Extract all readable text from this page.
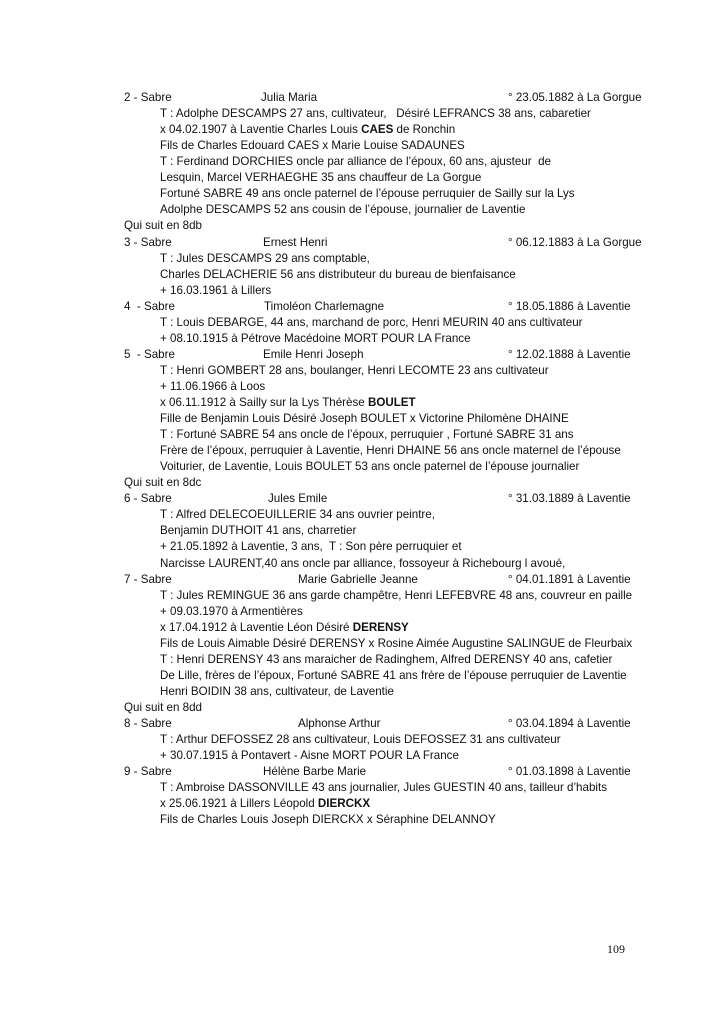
2 - Sabre	Julia Maria	° 23.05.1882 à La Gorgue
T : Adolphe DESCAMPS 27 ans, cultivateur,   Désiré LEFRANCS 38 ans, cabaretier
x 04.02.1907 à Laventie Charles Louis CAES de Ronchin
Fils de Charles Edouard CAES x Marie Louise SADAUNES
T : Ferdinand DORCHIES oncle par alliance de l’époux, 60 ans, ajusteur  de
Lesquin, Marcel VERHAEGHE 35 ans chauffeur de La Gorgue
Fortuné SABRE 49 ans oncle paternel de l’épouse perruquier de Sailly sur la Lys
Adolphe DESCAMPS 52 ans cousin de l’épouse, journalier de Laventie
Qui suit en 8db
3 - Sabre	Ernest Henri	° 06.12.1883 à La Gorgue
T : Jules DESCAMPS 29 ans comptable,
Charles DELACHERIE 56 ans distributeur du bureau de bienfaisance
+ 16.03.1961 à Lillers
4  - Sabre	Timoléon Charlemagne	° 18.05.1886 à Laventie
T : Louis DEBARGE, 44 ans, marchand de porc, Henri MEURIN 40 ans cultivateur
+ 08.10.1915 à Pétrove Macédoine MORT POUR LA France
5  - Sabre	Emile Henri Joseph	° 12.02.1888 à Laventie
T : Henri GOMBERT 28 ans, boulanger, Henri LECOMTE 23 ans cultivateur
+ 11.06.1966 à Loos
x 06.11.1912 à Sailly sur la Lys Thérèse BOULET
Fille de Benjamin Louis Désiré Joseph BOULET x Victorine Philomène DHAINE
T : Fortuné SABRE 54 ans oncle de l’époux, perruquier , Fortuné SABRE 31 ans
Frère de l’époux, perruquier à Laventie, Henri DHAINE 56 ans oncle maternel de l’épouse
Voiturier, de Laventie, Louis BOULET 53 ans oncle paternel de l’épouse journalier
Qui suit en 8dc
6 - Sabre	Jules Emile	° 31.03.1889 à Laventie
T : Alfred DELECOEUILLERIE 34 ans ouvrier peintre,
Benjamin DUTHOIT 41 ans, charretier
+ 21.05.1892 à Laventie, 3 ans,  T : Son père perruquier et
Narcisse LAURENT,40 ans oncle par alliance, fossoyeur à Richebourg l avoué,
7 - Sabre	Marie Gabrielle Jeanne	° 04.01.1891 à Laventie
T : Jules REMINGUE 36 ans garde champêtre, Henri LEFEBVRE 48 ans, couvreur en paille
+ 09.03.1970 à Armentières
x 17.04.1912 à Laventie Léon Désiré DERENSY
Fils de Louis Aimable Désiré DERENSY x Rosine Aimée Augustine SALINGUE de Fleurbaix
T : Henri DERENSY 43 ans maraicher de Radinghem, Alfred DERENSY 40 ans, cafetier
De Lille, frères de l’époux, Fortuné SABRE 41 ans frère de l’épouse perruquier de Laventie
Henri BOIDIN 38 ans, cultivateur, de Laventie
Qui suit en 8dd
8 - Sabre	Alphonse Arthur	° 03.04.1894 à Laventie
T : Arthur DEFOSSEZ 28 ans cultivateur, Louis DEFOSSEZ 31 ans cultivateur
+ 30.07.1915 à Pontavert - Aisne MORT POUR LA France
9 - Sabre	Hélène Barbe Marie	° 01.03.1898 à Laventie
T : Ambroise DASSONVILLE 43 ans journalier, Jules GUESTIN 40 ans, tailleur d’habits
x 25.06.1921 à Lillers Léopold DIERCKX
Fils de Charles Louis Joseph DIERCKX x Séraphine DELANNOY
109
